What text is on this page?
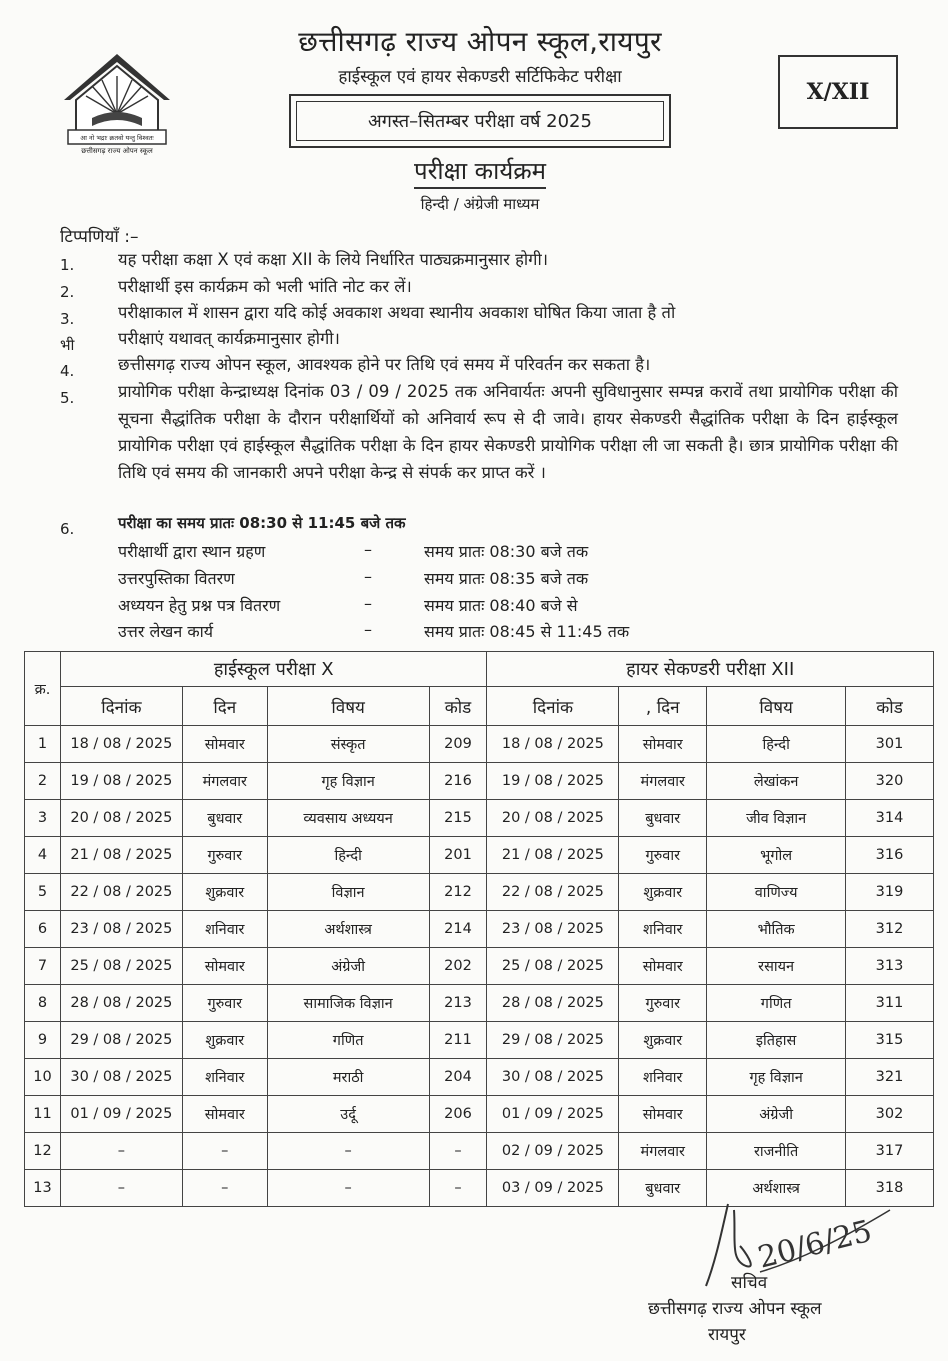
छत्तीसगढ़ राज्य ओपन स्कूल,रायपुर
हाईस्कूल एवं हायर सेकण्डरी सर्टिफिकेट परीक्षा
अगस्त–सितम्बर परीक्षा वर्ष 2025
X/XII
आ नो भद्राः क्रतवो यन्तु विश्वतः
छत्तीसगढ़ राज्य ओपन स्कूल
परीक्षा कार्यक्रम
हिन्दी / अंग्रेजी माध्यम
टिप्पणियाँ :–
1.	यह परीक्षा कक्षा X एवं कक्षा XII के लिये निर्धारित पाठ्यक्रमानुसार होगी।
2.	परीक्षार्थी इस कार्यक्रम को भली भांति नोट कर लें।
3.	परीक्षाकाल में शासन द्वारा यदि कोई अवकाश अथवा स्थानीय अवकाश घोषित किया जाता है तो
भी	परीक्षाएं यथावत् कार्यक्रमानुसार होगी।
4.	छत्तीसगढ़ राज्य ओपन स्कूल, आवश्यक होने पर तिथि एवं समय में परिवर्तन कर सकता है।
5.	प्रायोगिक परीक्षा केन्द्राध्यक्ष दिनांक 03 / 09 / 2025 तक अनिवार्यतः अपनी सुविधानुसार सम्पन्न करावें तथा प्रायोगिक परीक्षा की सूचना सैद्धांतिक परीक्षा के दौरान परीक्षार्थियों को अनिवार्य रूप से दी जावे। हायर सेकण्डरी सैद्धांतिक परीक्षा के दिन हाईस्कूल प्रायोगिक परीक्षा एवं हाईस्कूल सैद्धांतिक परीक्षा के दिन हायर सेकण्डरी प्रायोगिक परीक्षा ली जा सकती है। छात्र प्रायोगिक परीक्षा की तिथि एवं समय की जानकारी अपने परीक्षा केन्द्र से संपर्क कर प्राप्त करें ।
6.	परीक्षा का समय प्रातः 08:30 से 11:45 बजे तक
परीक्षार्थी द्वारा स्थान ग्रहण	–	समय प्रातः 08:30 बजे तक
उत्तरपुस्तिका वितरण	–	समय प्रातः 08:35 बजे तक
अध्ययन हेतु प्रश्न पत्र वितरण	–	समय प्रातः 08:40 बजे से
उत्तर लेखन कार्य	–	समय प्रातः 08:45 से 11:45 तक
क्र.	हाईस्कूल परीक्षा X				हायर सेकण्डरी परीक्षा XII			
	दिनांक	दिन	विषय	कोड	दिनांक	, दिन	विषय	कोड
1	18 / 08 / 2025	सोमवार	संस्कृत	209	18 / 08 / 2025	सोमवार	हिन्दी	301
2	19 / 08 / 2025	मंगलवार	गृह विज्ञान	216	19 / 08 / 2025	मंगलवार	लेखांकन	320
3	20 / 08 / 2025	बुधवार	व्यवसाय अध्ययन	215	20 / 08 / 2025	बुधवार	जीव विज्ञान	314
4	21 / 08 / 2025	गुरुवार	हिन्दी	201	21 / 08 / 2025	गुरुवार	भूगोल	316
5	22 / 08 / 2025	शुक्रवार	विज्ञान	212	22 / 08 / 2025	शुक्रवार	वाणिज्य	319
6	23 / 08 / 2025	शनिवार	अर्थशास्त्र	214	23 / 08 / 2025	शनिवार	भौतिक	312
7	25 / 08 / 2025	सोमवार	अंग्रेजी	202	25 / 08 / 2025	सोमवार	रसायन	313
8	28 / 08 / 2025	गुरुवार	सामाजिक विज्ञान	213	28 / 08 / 2025	गुरुवार	गणित	311
9	29 / 08 / 2025	शुक्रवार	गणित	211	29 / 08 / 2025	शुक्रवार	इतिहास	315
10	30 / 08 / 2025	शनिवार	मराठी	204	30 / 08 / 2025	शनिवार	गृह विज्ञान	321
11	01 / 09 / 2025	सोमवार	उर्दू	206	01 / 09 / 2025	सोमवार	अंग्रेजी	302
12	–	–	–	–	02 / 09 / 2025	मंगलवार	राजनीति	317
13	–	–	–	–	03 / 09 / 2025	बुधवार	अर्थशास्त्र	318
20/6/25
सचिव
छत्तीसगढ़ राज्य ओपन स्कूल
रायपुर
